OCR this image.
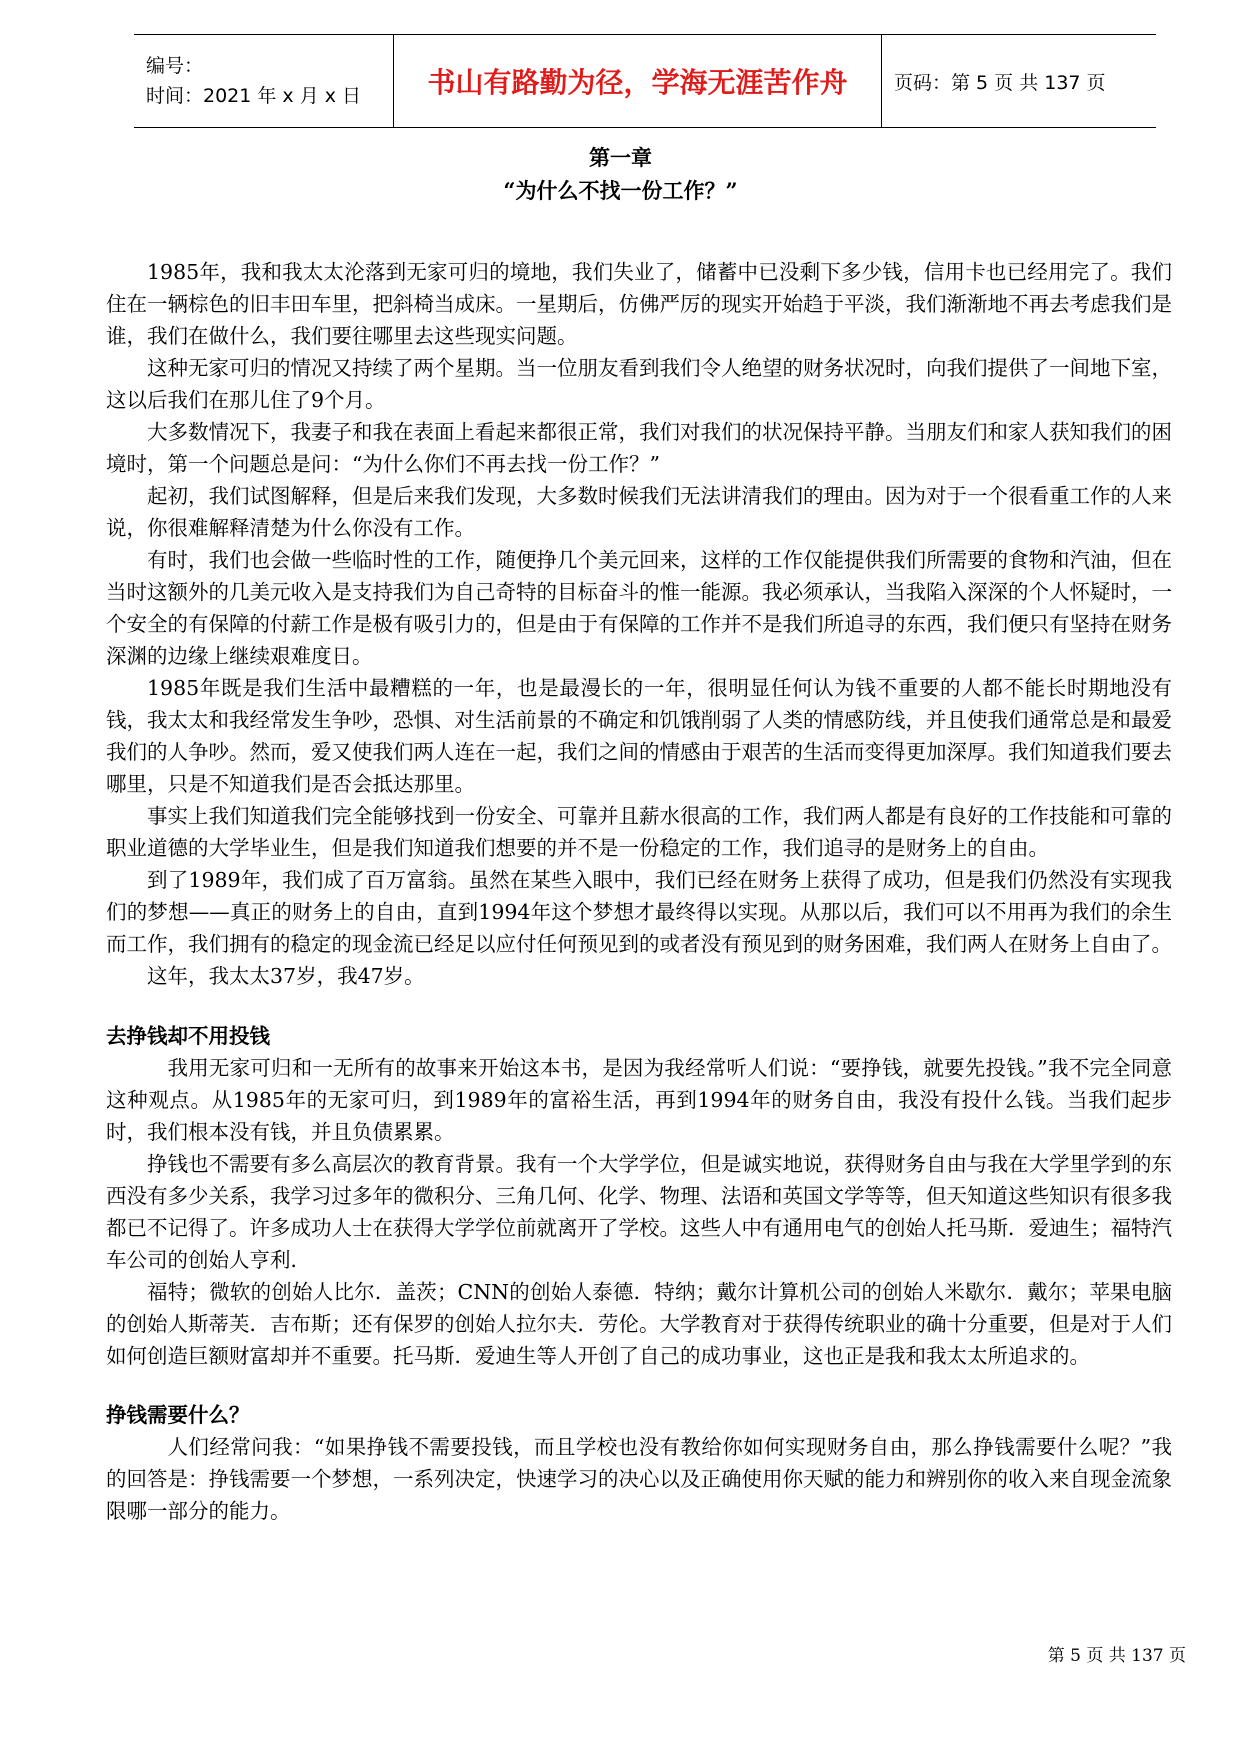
编号：
时间：2021 年 x 月 x 日	书山有路勤为径，学海无涯苦作舟	页码：第 5 页 共 137 页
第一章
“为什么不找一份工作？”

1985年，我和我太太沦落到无家可归的境地，我们失业了，储蓄中已没剩下多少钱，信用卡也已经用完了。我们住在一辆棕色的旧丰田车里，把斜椅当成床。一星期后，仿佛严厉的现实开始趋于平淡，我们渐渐地不再去考虑我们是谁，我们在做什么，我们要往哪里去这些现实问题。

这种无家可归的情况又持续了两个星期。当一位朋友看到我们令人绝望的财务状况时，向我们提供了一间地下室，这以后我们在那儿住了9个月。

大多数情况下，我妻子和我在表面上看起来都很正常，我们对我们的状况保持平静。当朋友们和家人获知我们的困境时，第一个问题总是问：“为什么你们不再去找一份工作？”

起初，我们试图解释，但是后来我们发现，大多数时候我们无法讲清我们的理由。因为对于一个很看重工作的人来说，你很难解释清楚为什么你没有工作。

有时，我们也会做一些临时性的工作，随便挣几个美元回来，这样的工作仅能提供我们所需要的食物和汽油，但在当时这额外的几美元收入是支持我们为自己奇特的目标奋斗的惟一能源。我必须承认，当我陷入深深的个人怀疑时，一个安全的有保障的付薪工作是极有吸引力的，但是由于有保障的工作并不是我们所追寻的东西，我们便只有坚持在财务深渊的边缘上继续艰难度日。

1985年既是我们生活中最糟糕的一年，也是最漫长的一年，很明显任何认为钱不重要的人都不能长时期地没有钱，我太太和我经常发生争吵，恐惧、对生活前景的不确定和饥饿削弱了人类的情感防线，并且使我们通常总是和最爱我们的人争吵。然而，爱又使我们两人连在一起，我们之间的情感由于艰苦的生活而变得更加深厚。我们知道我们要去哪里，只是不知道我们是否会抵达那里。

事实上我们知道我们完全能够找到一份安全、可靠并且薪水很高的工作，我们两人都是有良好的工作技能和可靠的职业道德的大学毕业生，但是我们知道我们想要的并不是一份稳定的工作，我们追寻的是财务上的自由。

到了1989年，我们成了百万富翁。虽然在某些入眼中，我们已经在财务上获得了成功，但是我们仍然没有实现我们的梦想——真正的财务上的自由，直到1994年这个梦想才最终得以实现。从那以后，我们可以不用再为我们的余生而工作，我们拥有的稳定的现金流已经足以应付任何预见到的或者没有预见到的财务困难，我们两人在财务上自由了。

这年，我太太37岁，我47岁。

去挣钱却不用投钱

我用无家可归和一无所有的故事来开始这本书，是因为我经常听人们说：“要挣钱，就要先投钱。”我不完全同意这种观点。从1985年的无家可归，到1989年的富裕生活，再到1994年的财务自由，我没有投什么钱。当我们起步时，我们根本没有钱，并且负债累累。

挣钱也不需要有多么高层次的教育背景。我有一个大学学位，但是诚实地说，获得财务自由与我在大学里学到的东西没有多少关系，我学习过多年的微积分、三角几何、化学、物理、法语和英国文学等等，但天知道这些知识有很多我都已不记得了。许多成功人士在获得大学学位前就离开了学校。这些人中有通用电气的创始人托马斯．爱迪生；福特汽车公司的创始人亨利．

福特；微软的创始人比尔．盖茨；CNN的创始人泰德．特纳；戴尔计算机公司的创始人米歇尔．戴尔；苹果电脑的创始人斯蒂芙．吉布斯；还有保罗的创始人拉尔夫．劳伦。大学教育对于获得传统职业的确十分重要，但是对于人们如何创造巨额财富却并不重要。托马斯．爱迪生等人开创了自己的成功事业，这也正是我和我太太所追求的。

挣钱需要什么？

人们经常问我：“如果挣钱不需要投钱，而且学校也没有教给你如何实现财务自由，那么挣钱需要什么呢？”我的回答是：挣钱需要一个梦想，一系列决定，快速学习的决心以及正确使用你天赋的能力和辨别你的收入来自现金流象限哪一部分的能力。

第 5 页 共 137 页
